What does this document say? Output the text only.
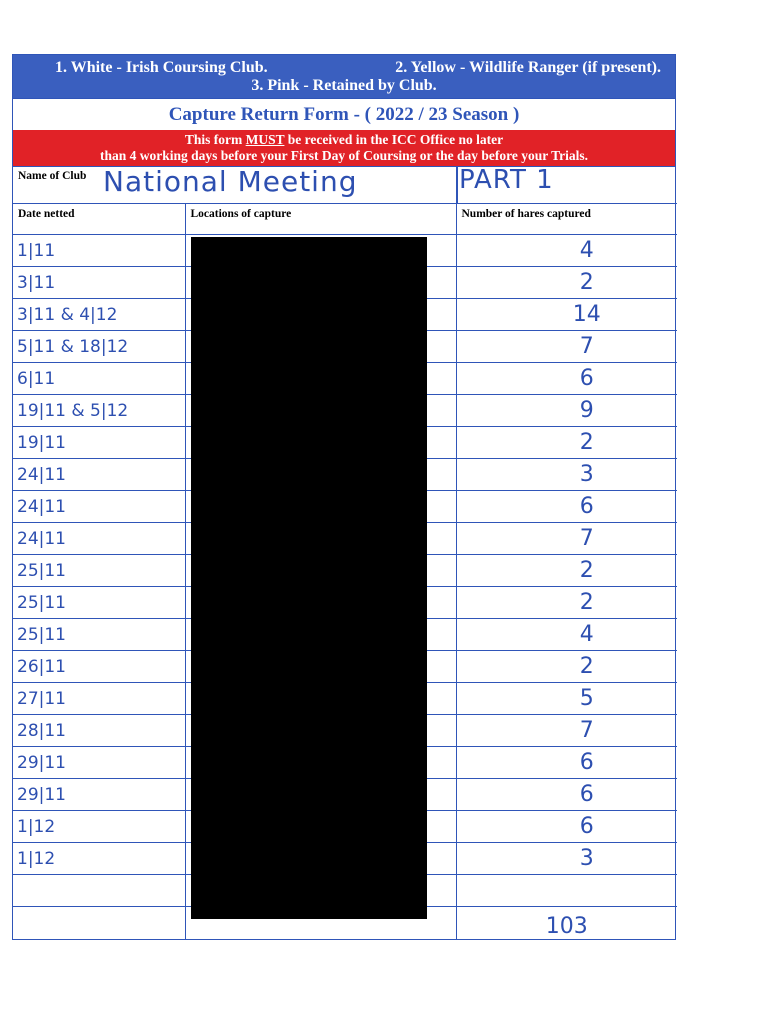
1. White - Irish Coursing Club.	2. Yellow - Wildlife Ranger (if present).
3. Pink - Retained by Club.
Capture Return Form - ( 2022 / 23 Season )
This form MUST be received in the ICC Office no later
than 4 working days before your First Day of Coursing or the day before your Trials.
Name of Club National Meeting	PART 1
Date netted	Locations of capture	Number of hares captured
1|11		4
3|11		2
3|11 & 4|12		14
5|11 & 18|12		7
6|11		6
19|11 & 5|12		9
19|11		2
24|11		3
24|11		6
24|11		7
25|11		2
25|11		2
25|11		4
26|11		2
27|11		5
28|11		7
29|11		6
29|11		6
1|12		6
1|12		3

		103
